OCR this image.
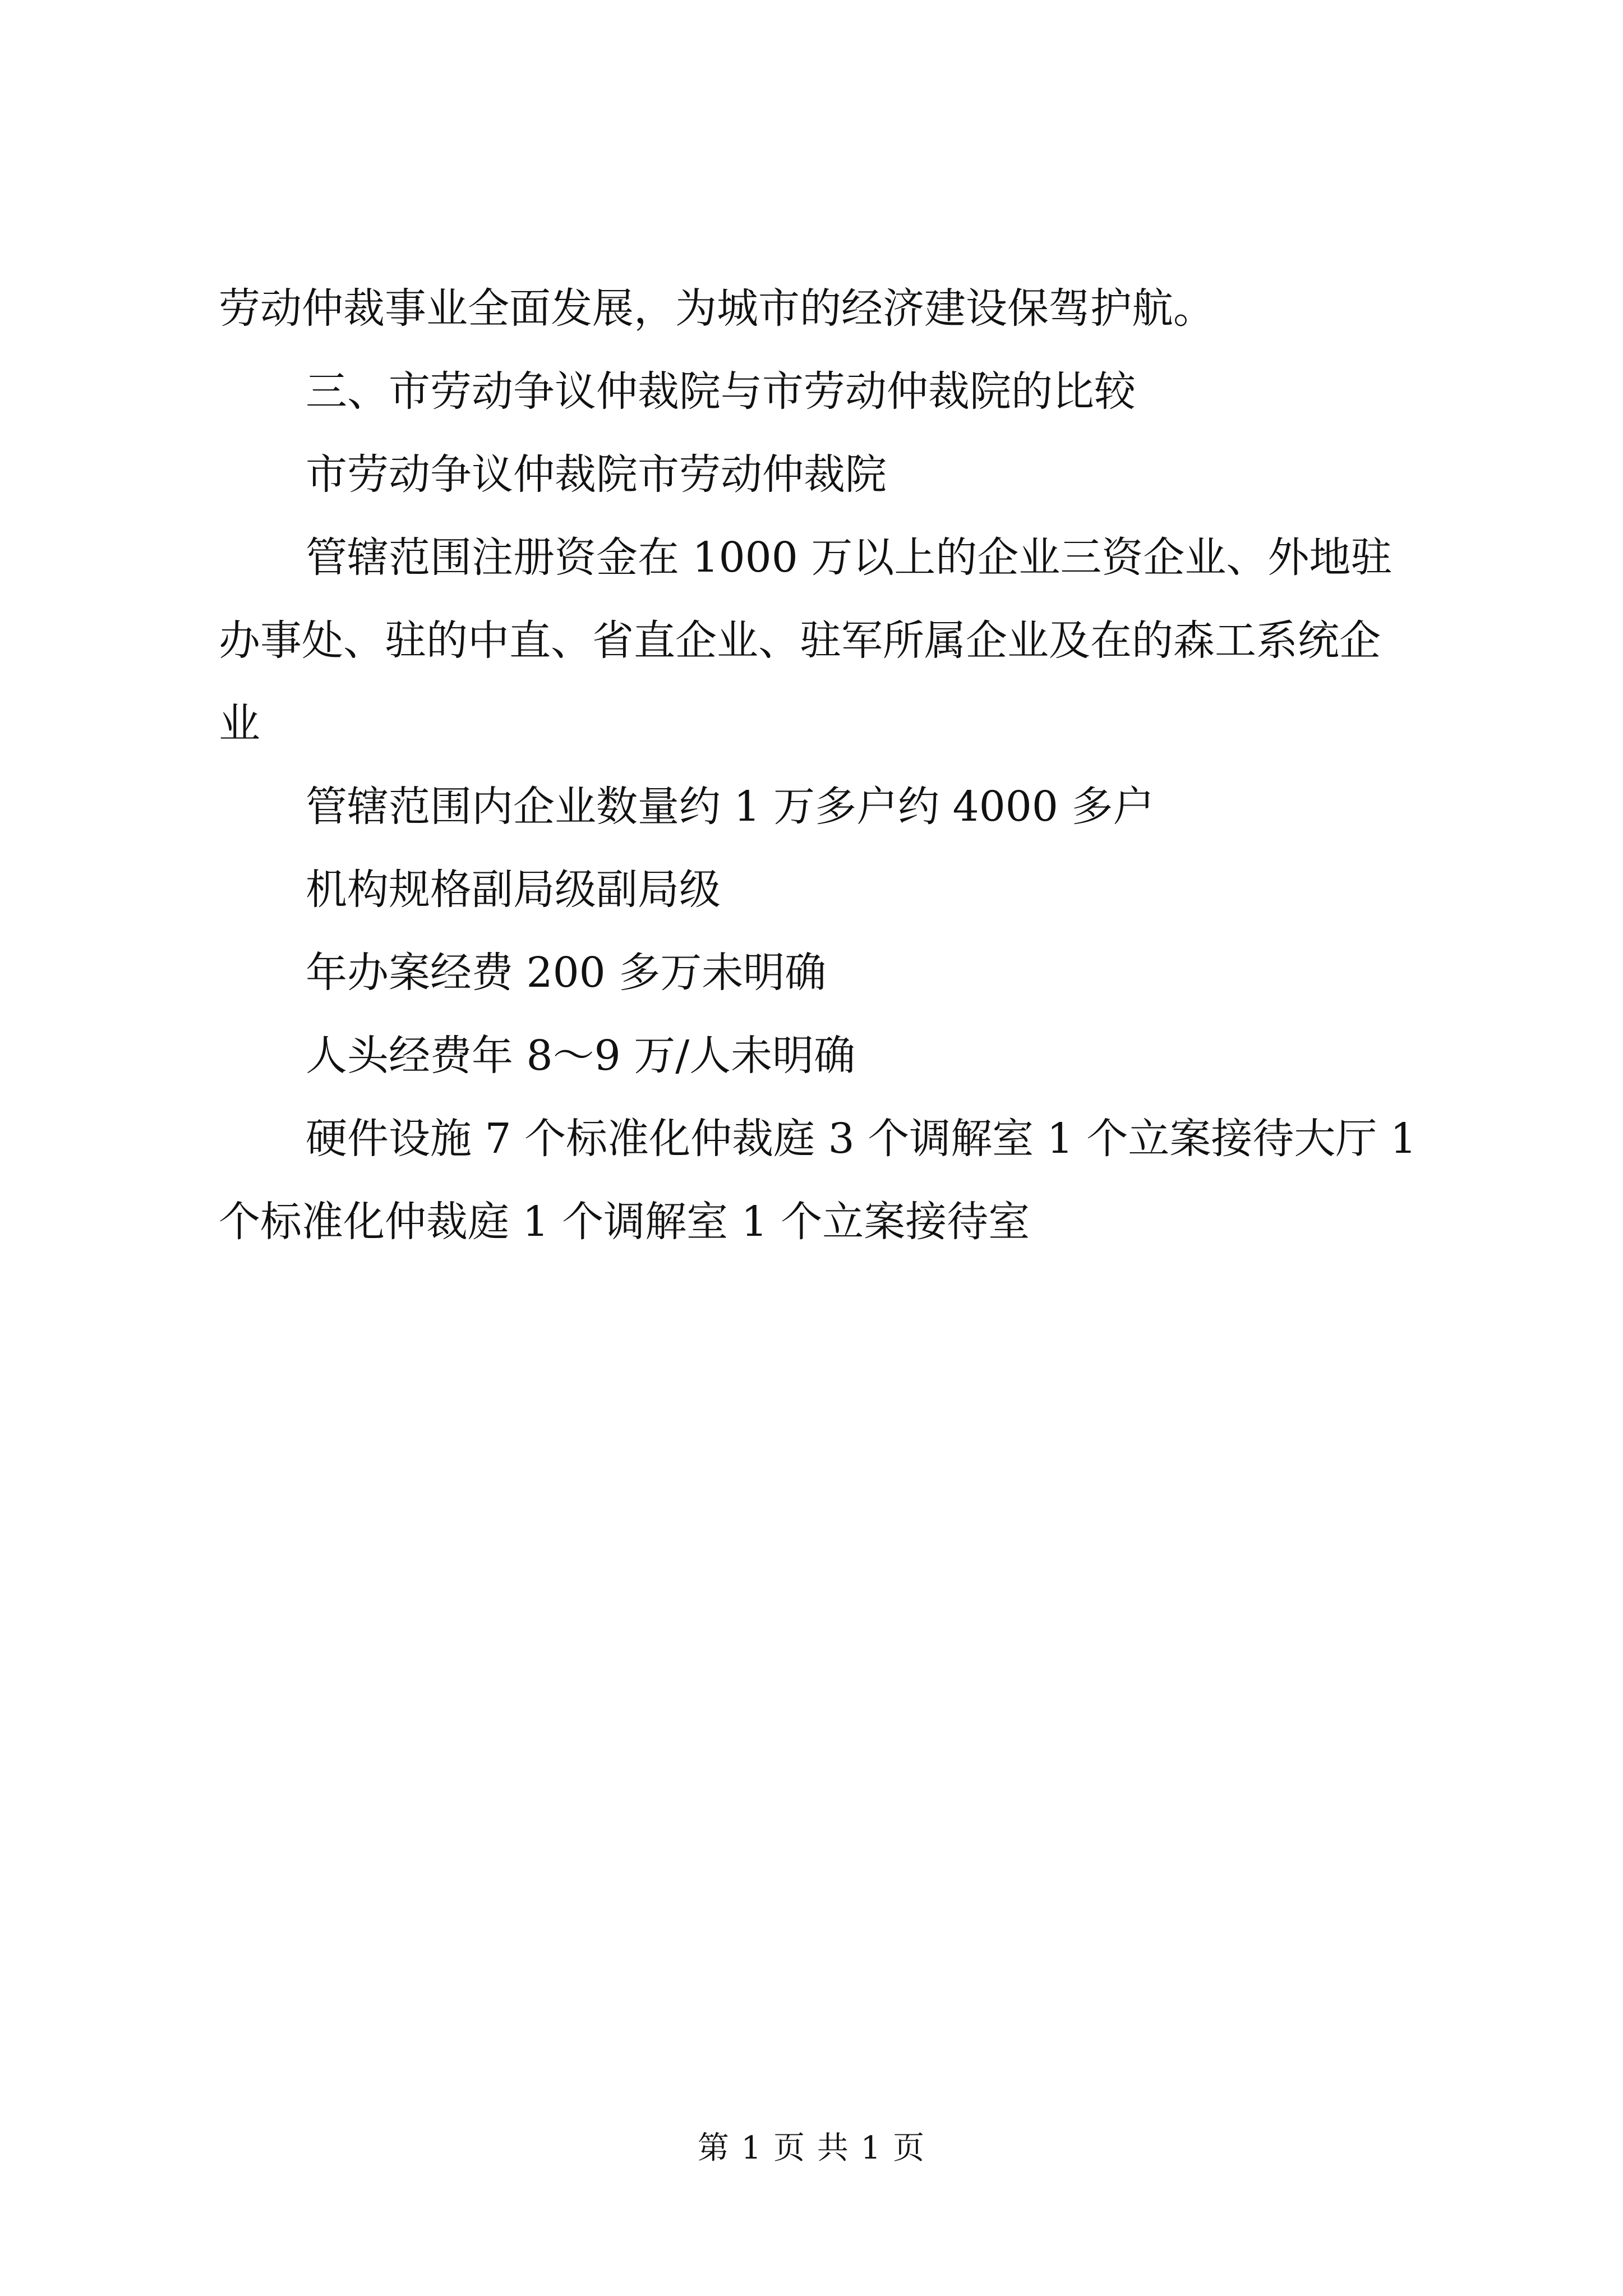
劳动仲裁事业全面发展，为城市的经济建设保驾护航。
三、市劳动争议仲裁院与市劳动仲裁院的比较
市劳动争议仲裁院市劳动仲裁院
管辖范围注册资金在 1000 万以上的企业三资企业、外地驻
办事处、驻的中直、省直企业、驻军所属企业及在的森工系统企
业
管辖范围内企业数量约 1 万多户约 4000 多户
机构规格副局级副局级
年办案经费 200 多万未明确
人头经费年 8～9 万/人未明确
硬件设施 7 个标准化仲裁庭 3 个调解室 1 个立案接待大厅 1
个标准化仲裁庭 1 个调解室 1 个立案接待室
第 1 页 共 1 页
